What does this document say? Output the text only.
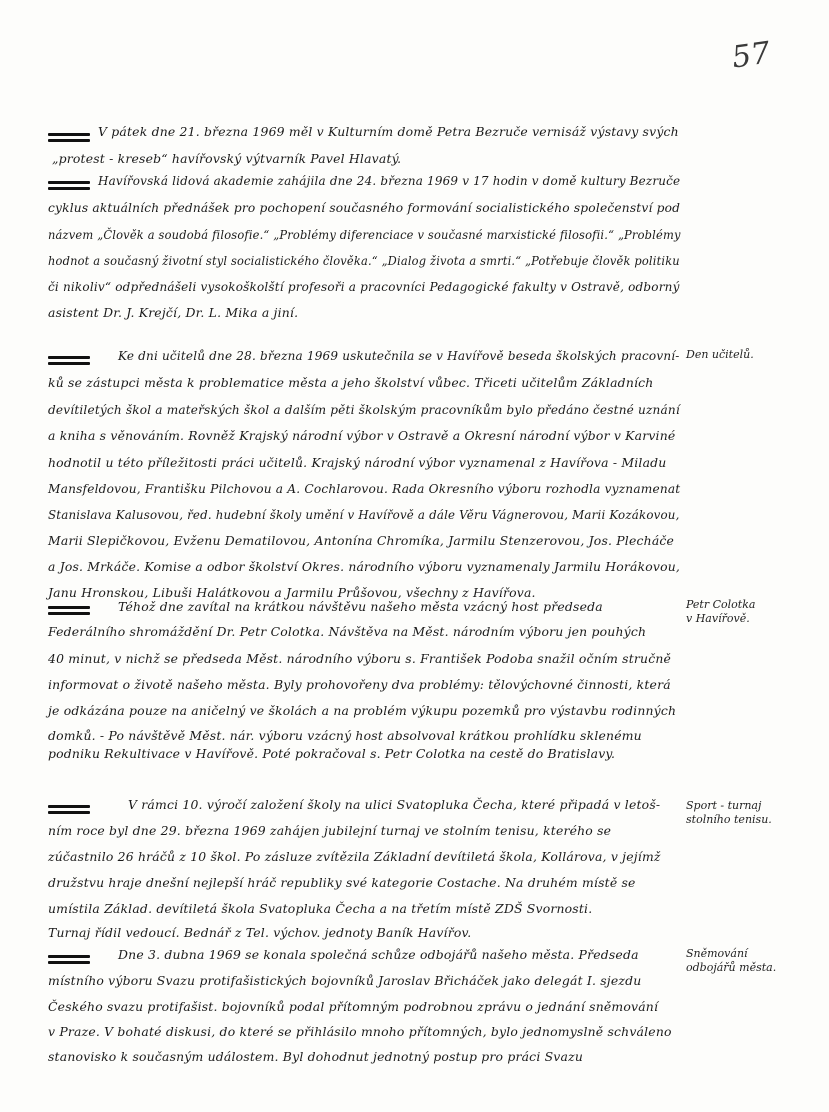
57
V pátek dne 21. března 1969 měl v Kulturním domě Petra Bezruče vernisáž výstavy svých
„protest - kreseb“ havířovský výtvarník Pavel Hlavatý.
Havířovská lidová akademie zahájila dne 24. března 1969 v 17 hodin v domě kultury Bezruče
cyklus aktuálních přednášek pro pochopení současného formování socialistického společenství pod
názvem „Člověk a soudobá filosofie.“ „Problémy diferenciace v současné marxistické filosofii.“ „Problémy
hodnot a současný životní styl socialistického člověka.“ „Dialog života a smrti.“ „Potřebuje člověk politiku
či nikoliv“ odpřednášeli vysokoškolští profesoři a pracovníci Pedagogické fakulty v Ostravě, odborný
asistent Dr. J. Krejčí, Dr. L. Mika a jiní.
Ke dni učitelů dne 28. března 1969 uskutečnila se v Havířově beseda školských pracovní-
ků se zástupci města k problematice města a jeho školství vůbec. Třiceti učitelům Základních
devítiletých škol a mateřských škol a dalším pěti školským pracovníkům bylo předáno čestné uznání
a kniha s věnováním. Rovněž Krajský národní výbor v Ostravě a Okresní národní výbor v Karviné
hodnotil u této příležitosti práci učitelů. Krajský národní výbor vyznamenal z Havířova - Miladu
Mansfeldovou, Františku Pilchovou a A. Cochlarovou. Rada Okresního výboru rozhodla vyznamenat
Stanislava Kalusovou, řed. hudební školy umění v Havířově a dále Věru Vágnerovou, Marii Kozákovou,
Marii Slepičkovou, Evženu Dematilovou, Antonína Chromíka, Jarmilu Stenzerovou, Jos. Plecháče
a Jos. Mrkáče. Komise a odbor školství Okres. národního výboru vyznamenaly Jarmilu Horákovou,
Janu Hronskou, Libuši Halátkovou a Jarmilu Průšovou, všechny z Havířova.
Den učitelů.
Téhož dne zavítal na krátkou návštěvu našeho města vzácný host předseda
Federálního shromáždění Dr. Petr Colotka. Návštěva na Měst. národním výboru jen pouhých
40 minut, v nichž se předseda Měst. národního výboru s. František Podoba snažil očním stručně
informovat o životě našeho města. Byly prohovořeny dva problémy: tělovýchovné činnosti, která
je odkázána pouze na aničelný ve školách a na problém výkupu pozemků pro výstavbu rodinných
domků. - Po návštěvě Měst. nár. výboru vzácný host absolvoval krátkou prohlídku sklenému
podniku Rekultivace v Havířově. Poté pokračoval s. Petr Colotka na cestě do Bratislavy.
Petr Colotka
v Havířově.
V rámci 10. výročí založení školy na ulici Svatopluka Čecha, které připadá v letoš-
ním roce byl dne 29. března 1969 zahájen jubilejní turnaj ve stolním tenisu, kterého se
zúčastnilo 26 hráčů z 10 škol. Po zásluze zvítězila Základní devítiletá škola, Kollárova, v jejímž
družstvu hraje dnešní nejlepší hráč republiky své kategorie Costache. Na druhém místě se
umístila Základ. devítiletá škola Svatopluka Čecha a na třetím místě ZDŠ Svornosti.
Turnaj řídil vedoucí. Bednář z Tel. výchov. jednoty Baník Havířov.
Sport - turnaj
stolního tenisu.
Dne 3. dubna 1969 se konala společná schůze odbojářů našeho města. Předseda
místního výboru Svazu protifašistických bojovníků Jaroslav Břicháček jako delegát I. sjezdu
Českého svazu protifašist. bojovníků podal přítomným podrobnou zprávu o jednání sněmování
v Praze. V bohaté diskusi, do které se přihlásilo mnoho přítomných, bylo jednomyslně schváleno
stanovisko k současným událostem. Byl dohodnut jednotný postup pro práci Svazu
Sněmování
odbojářů města.
